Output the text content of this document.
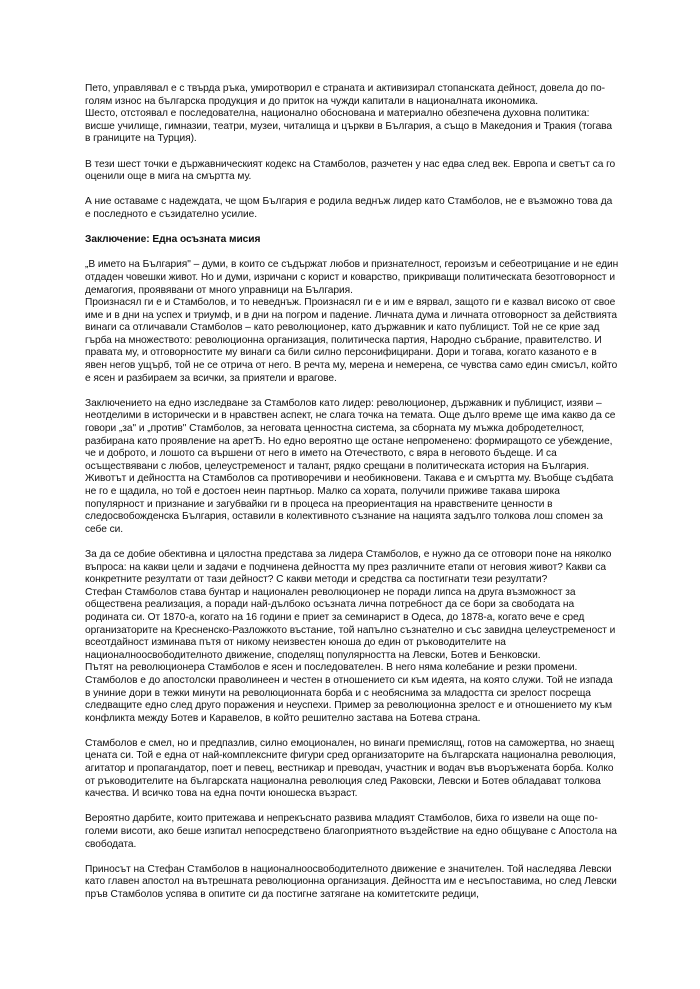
Пето, управлявал е с твърда ръка, умиротворил е страната и активизирал стопанската дейност, довела до по-голям износ на българска продукция и до приток на чужди капитали в националната икономика.

Шесто, отстоявал е последователна, национално обоснована и материално обезпечена духовна политика: висше училище, гимназии, театри, музеи, читалища и църкви в България, а също в Македония и Тракия (тогава в границите на Турция).

В тези шест точки е държавническият кодекс на Стамболов, разчетен у нас едва след век. Европа и светът са го оценили още в мига на смъртта му.

А ние оставаме с надеждата, че щом България е родила веднъж лидер като Стамболов, не е възможно това да е последното е съзидателно усилие.

Заключение: Една осъзната мисия

„В името на България" – думи, в които се съдържат любов и признателност, героизъм и себеотрицание и не един отдаден човешки живот. Но и думи, изричани с корист и коварство, прикриващи политическата безотговорност и демагогия, проявявани от много управници на България.

Произнасял ги е и Стамболов, и то неведнъж. Произнасял ги е и им е вярвал, защото ги е казвал високо от свое име и в дни на успех и триумф, и в дни на погром и падение. Личната дума и личната отговорност за действията винаги са отличавали Стамболов – като революционер, като държавник и като публицист. Той не се крие зад гърба на множеството: революционна организация, политическа партия, Народно събрание, правителство. И правата му, и отговорностите му винаги са били силно персонифицирани. Дори и тогава, когато казаното е в явен негов ущърб, той не се отрича от него. В речта му, мерена и немерена, се чувства само един смисъл, който е ясен и разбираем за всички, за приятели и врагове.

Заключението на едно изследване за Стамболов като лидер: революционер, държавник и публицист, изяви – неотделими в исторически и в нравствен аспект, не слага точка на темата. Още дълго време ще има какво да се говори „за" и „против" Стамболов, за неговата ценностна система, за сборната му мъжка добродетелност, разбирана като проявление на аретЂ. Но едно вероятно ще остане непроменено: формиращото се убеждение, че и доброто, и лошото са вършени от него в името на Отечеството, с вяра в неговото бъдеще. И са осъществявани с любов, целеустременост и талант, рядко срещани в политическата история на България.

Животът и дейността на Стамболов са противоречиви и необикновени. Такава е и смъртта му. Въобще съдбата не го е щадила, но той е достоен неин партньор. Малко са хората, получили приживе такава широка популярност и признание и загубвайки ги в процеса на преориентация на нравствените ценности в следосвобожденска България, оставили в колективното съзнание на нацията задълго толкова лош спомен за себе си.

За да се добие обективна и цялостна представа за лидера Стамболов, е нужно да се отговори поне на няколко въпроса: на какви цели и задачи е подчинена дейността му през различните етапи от неговия живот? Какви са конкретните резултати от тази дейност? С какви методи и средства са постигнати тези резултати?

Стефан Стамболов става бунтар и национален революционер не поради липса на друга възможност за обществена реализация, а поради най-дълбоко осъзната лична потребност да се бори за свободата на родината си. От 1870-а, когато на 16 години е приет за семинарист в Одеса, до 1878-а, когато вече е сред организаторите на Кресненско-Разложкото въстание, той напълно съзнателно и със завидна целеустременост и всеотдайност изминава пътя от никому неизвестен юноша до един от ръководителите на националноосвободителното движение, споделящ популярността на Левски, Ботев и Бенковски.

Пътят на революционера Стамболов е ясен и последователен. В него няма колебание и резки промени. Стамболов е до апостолски праволинеен и честен в отношението си към идеята, на която служи. Той не изпада в униние дори в тежки минути на революционната борба и с необяснима за младостта си зрелост посреща следващите едно след друго поражения и неуспехи. Пример за революционна зрелост е и отношението му към конфликта между Ботев и Каравелов, в който решително застава на Ботева страна.

Стамболов е смел, но и предпазлив, силно емоционален, но винаги премислящ, готов на саможертва, но знаещ цената си. Той е една от най-комплексните фигури сред организаторите на българската национална революция, агитатор и пропагандатор, поет и певец, вестникар и преводач, участник и водач във въоръжената борба. Колко от ръководителите на българската национална революция след Раковски, Левски и Ботев обладават толкова качества. И всичко това на една почти юношеска възраст.

Вероятно дарбите, които притежава и непрекъснато развива младият Стамболов, биха го извели на още по-големи висоти, ако беше изпитал непосредствено благоприятното въздействие на едно общуване с Апостола на свободата.

Приносът на Стефан Стамболов в националноосвободителното движение е значителен. Той наследява Левски като главен апостол на вътрешната революционна организация. Дейността им е несъпоставима, но след Левски пръв Стамболов успява в опитите си да постигне затягане на комитетските редици,
